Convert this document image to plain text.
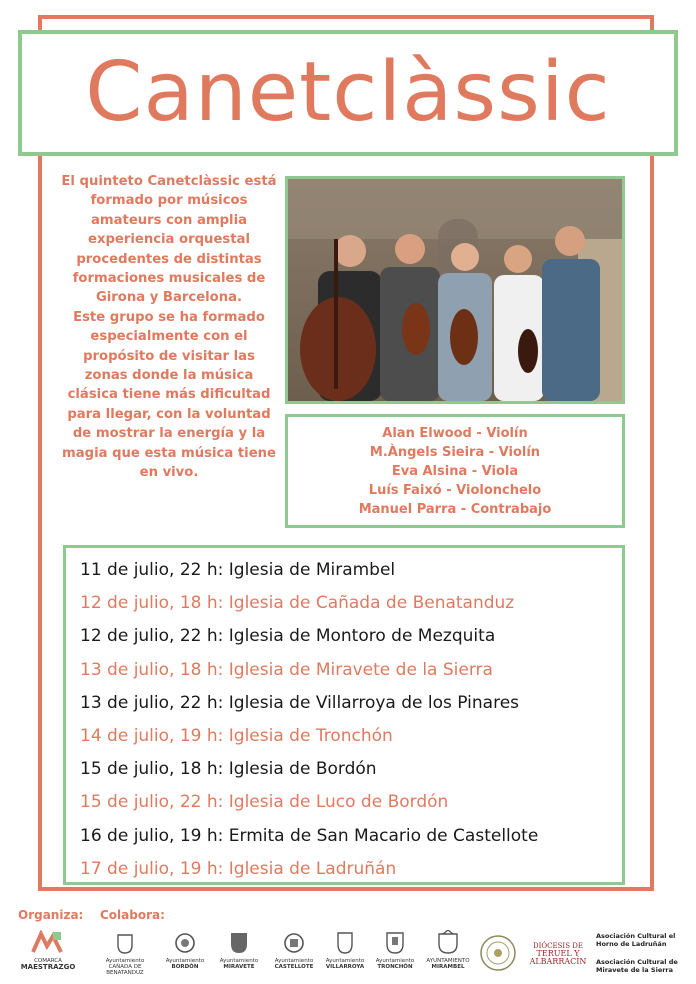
Canetclàssic

El quinteto Canetclàssic está formado por músicos amateurs con amplia experiencia orquestal procedentes de distintas formaciones musicales de Girona y Barcelona.

Este grupo se ha formado especialmente con el propósito de visitar las zonas donde la música clásica tiene más dificultad para llegar, con la voluntad de mostrar la energía y la magia que esta música tiene en vivo.

Alan Elwood - Violín
M.Àngels Sieira - Violín
Eva Alsina - Viola
Luís Faixó - Violonchelo
Manuel Parra - Contrabajo
11 de julio, 22 h: Iglesia de Mirambel
12 de julio, 18 h: Iglesia de Cañada de Benatanduz
12 de julio, 22 h: Iglesia de Montoro de Mezquita
13 de julio, 18 h: Iglesia de Miravete de la Sierra
13 de julio, 22 h: Iglesia de Villarroya de los Pinares
14 de julio, 19 h: Iglesia de Tronchón
15 de julio, 18 h: Iglesia de Bordón
15 de julio, 22 h: Iglesia de Luco de Bordón
16 de julio, 19 h: Ermita de San Macario de Castellote
17 de julio, 19 h: Iglesia de Ladruñán
Organiza: Colabora:
COMARCA
MAESTRAZGO
Ayuntamiento
CAÑADA DE BENATANDUZ
Ayuntamiento
BORDÓN
Ayuntamiento
MIRAVETE
Ayuntamiento
CASTELLOTE
Ayuntamiento
VILLARROYA
Ayuntamiento
TRONCHÓN
AYUNTAMIENTO
MIRAMBEL
DIÓCESIS DE
TERUEL Y
ALBARRACÍN
Asociación Cultural el
Horno de Ladruñán
Asociación Cultural de
Miravete de la Sierra
